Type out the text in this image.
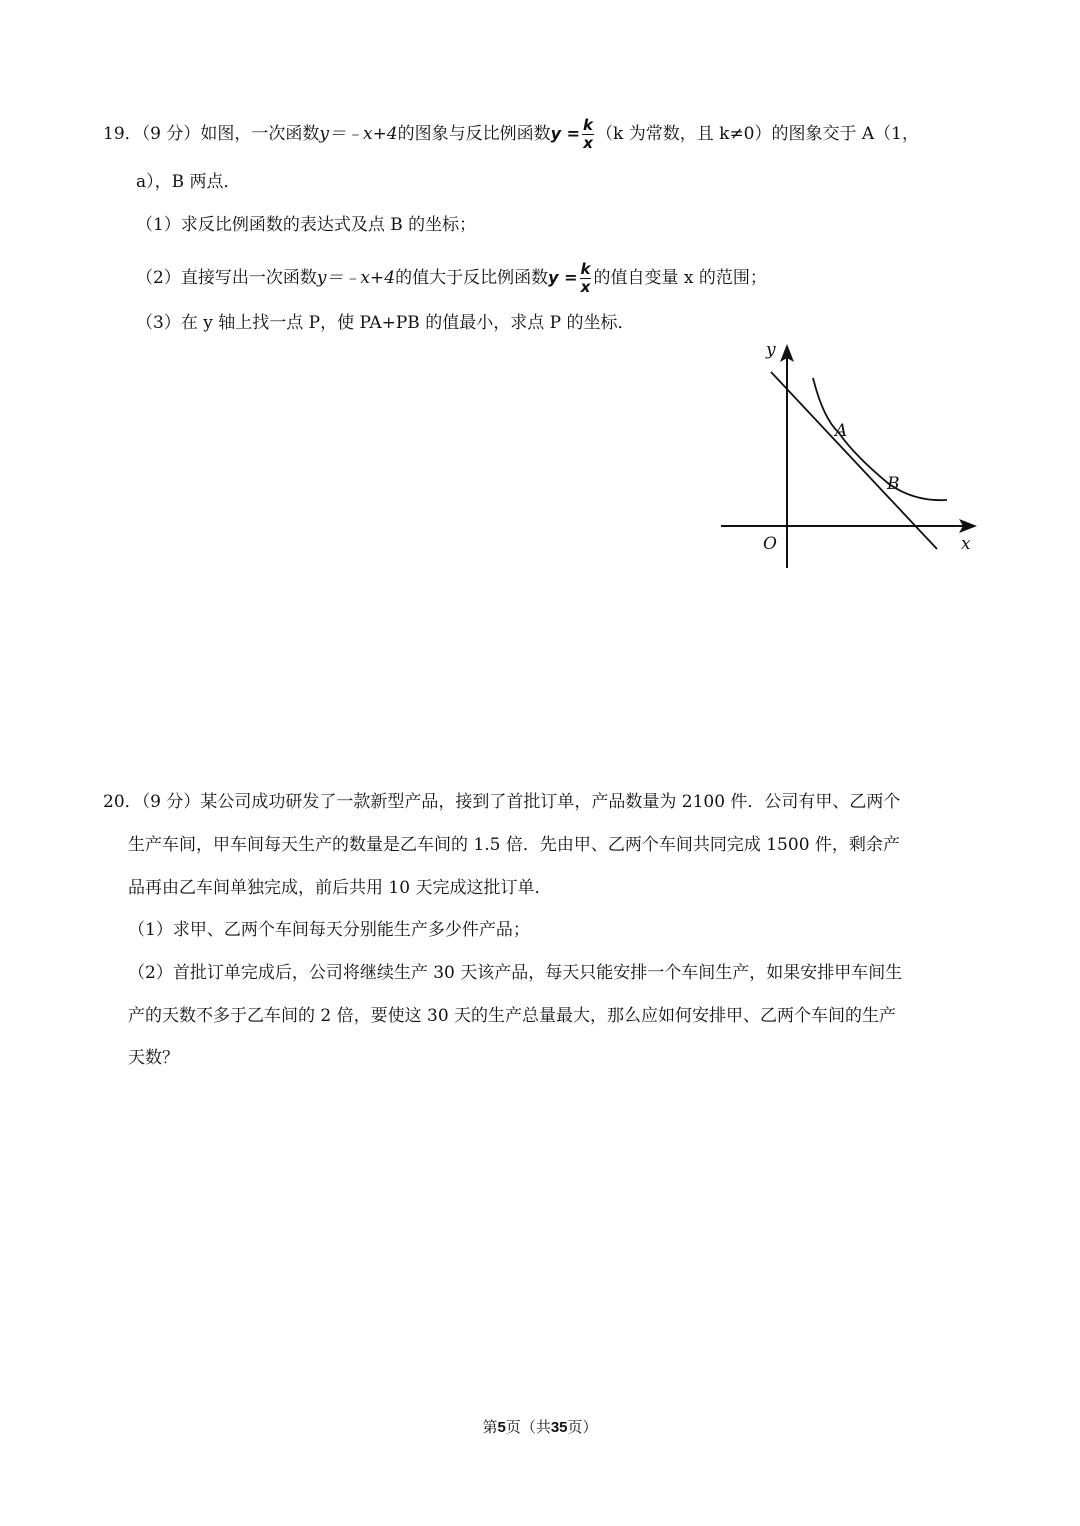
19．（9 分）如图，一次函数y＝﹣x+4的图象与反比例函数$y = \frac{k}{x} (k$ 为常数，且 k≠0）的图象交于 A（1，
a），B 两点．
（1）求反比例函数的表达式及点 B 的坐标；
（2）直接写出一次函数y＝﹣x+4的值大于反比例函数$y = \frac{k}{x}$ 的值自变量 x 的范围；
（3）在 y 轴上找一点 P，使 PA+PB 的值最小，求点 P 的坐标．
y
x
O
A
B
20．（9 分）某公司成功研发了一款新型产品，接到了首批订单，产品数量为 2100 件．公司有甲、乙两个
生产车间，甲车间每天生产的数量是乙车间的 1.5 倍．先由甲、乙两个车间共同完成 1500 件，剩余产
品再由乙车间单独完成，前后共用 10 天完成这批订单．
（1）求甲、乙两个车间每天分别能生产多少件产品；
（2）首批订单完成后，公司将继续生产 30 天该产品，每天只能安排一个车间生产，如果安排甲车间生
产的天数不多于乙车间的 2 倍，要使这 30 天的生产总量最大，那么应如何安排甲、乙两个车间的生产
天数？
第5页（共35页）
